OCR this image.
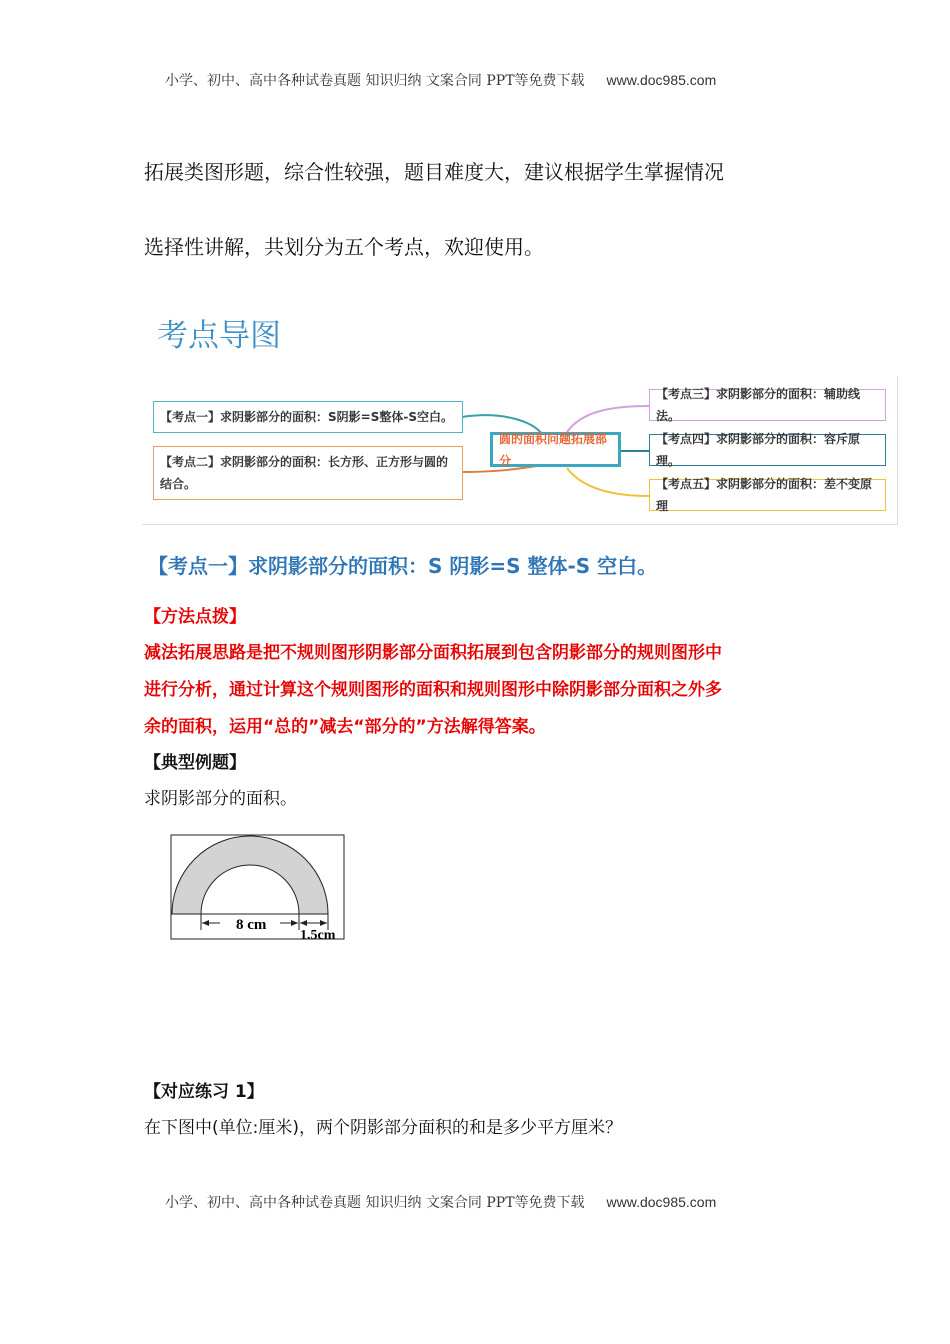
小学、初中、高中各种试卷真题 知识归纳 文案合同 PPT等免费下载 www.doc985.com
拓展类图形题，综合性较强，题目难度大，建议根据学生掌握情况
选择性讲解，共划分为五个考点，欢迎使用。
考点导图
【考点一】求阴影部分的面积：S阴影=S整体-S空白。
【考点二】求阴影部分的面积：长方形、正方形与圆的结合。
圆的面积问题拓展部分
【考点三】求阴影部分的面积：辅助线法。
【考点四】求阴影部分的面积：容斥原理。
【考点五】求阴影部分的面积：差不变原理
【考点一】求阴影部分的面积：S 阴影=S 整体-S 空白。
【方法点拨】
减法拓展思路是把不规则图形阴影部分面积拓展到包含阴影部分的规则图形中
进行分析，通过计算这个规则图形的面积和规则图形中除阴影部分面积之外多
余的面积，运用“总的”减去“部分的”方法解得答案。
【典型例题】
求阴影部分的面积。
8 cm
1.5cm
【对应练习 1】
在下图中(单位:厘米)，两个阴影部分面积的和是多少平方厘米？
小学、初中、高中各种试卷真题 知识归纳 文案合同 PPT等免费下载 www.doc985.com
